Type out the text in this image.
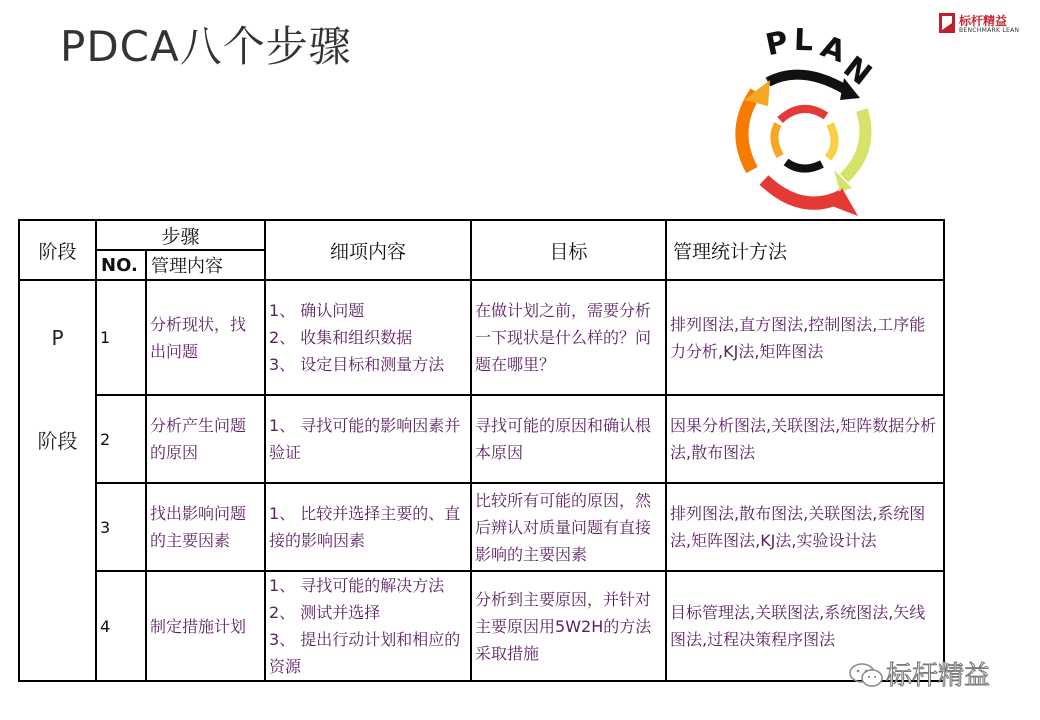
PDCA八个步骤
标杆精益
BENCHMARK LEAN
P L A
N
阶段	步骤		细项内容	目标	管理统计方法
	NO.	管理内容			
P	1	分析现状，找出问题	1、 确认问题
2、 收集和组织数据
3、 设定目标和测量方法	在做计划之前，需要分析一下现状是什么样的？问题在哪里？	排列图法,直方图法,控制图法,工序能力分析,KJ法,矩阵图法
阶段	2	分析产生问题的原因	1、 寻找可能的影响因素并验证	寻找可能的原因和确认根本原因	因果分析图法,关联图法,矩阵数据分析法,散布图法
	3	找出影响问题的主要因素	1、 比较并选择主要的、直接的影响因素	比较所有可能的原因，然后辨认对质量问题有直接影响的主要因素	排列图法,散布图法,关联图法,系统图法,矩阵图法,KJ法,实验设计法
	4	制定措施计划	1、 寻找可能的解决方法
2、 测试并选择
3、 提出行动计划和相应的资源	分析到主要原因，并针对主要原因用5W2H的方法采取措施	目标管理法,关联图法,系统图法,矢线图法,过程决策程序图法
标杆精益
